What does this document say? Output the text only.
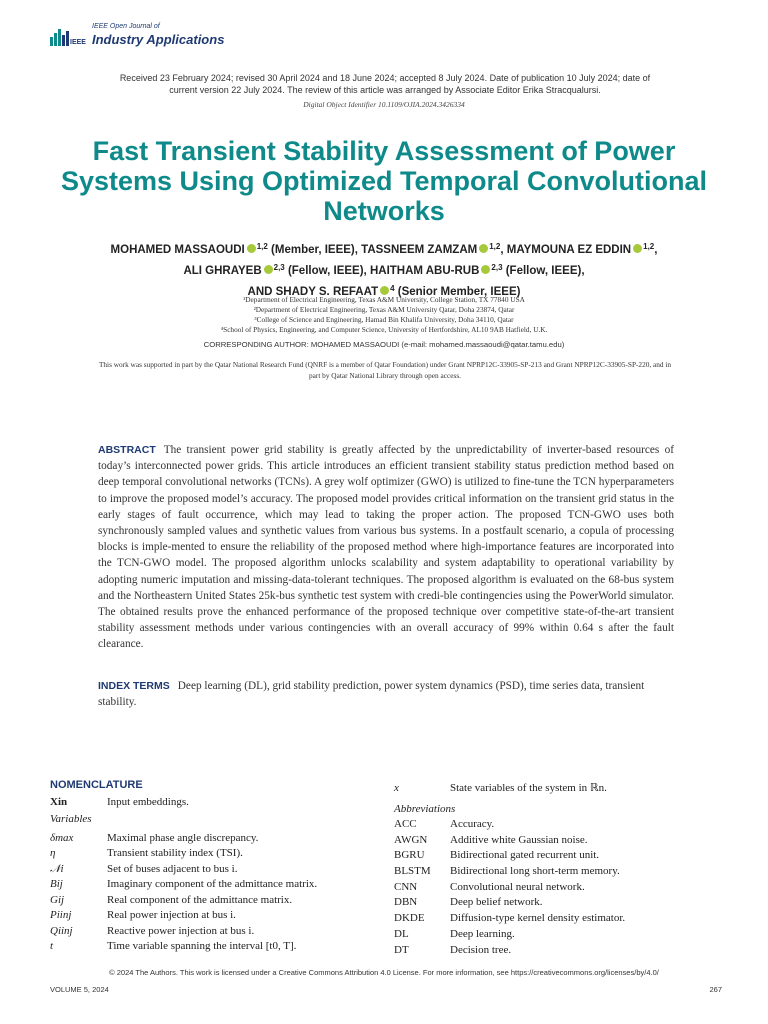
IEEE
IEEE Open Journal of
Industry Applications
Received 23 February 2024; revised 30 April 2024 and 18 June 2024; accepted 8 July 2024. Date of publication 10 July 2024; date of current version 22 July 2024. The review of this article was arranged by Associate Editor Erika Stracqualursi.
Digital Object Identifier 10.1109/OJIA.2024.3426334
Fast Transient Stability Assessment of Power Systems Using Optimized Temporal Convolutional Networks
MOHAMED MASSAOUDI $^{1,2}$ (Member, IEEE), TASSNEEM ZAMZAM $^{1,2}$, MAYMOUNA EZ EDDIN $^{1,2}$,
ALI GHRAYEB $^{2,3}$ (Fellow, IEEE), HAITHAM ABU-RUB $^{2,3}$ (Fellow, IEEE),
AND SHADY S. REFAAT $^4$ (Senior Member, IEEE)
¹Department of Electrical Engineering, Texas A&M University, College Station, TX 77840 USA
²Department of Electrical Engineering, Texas A&M University Qatar, Doha 23874, Qatar
³College of Science and Engineering, Hamad Bin Khalifa University, Doha 34110, Qatar
⁴School of Physics, Engineering, and Computer Science, University of Hertfordshire, AL10 9AB Hatfield, U.K.
CORRESPONDING AUTHOR: MOHAMED MASSAOUDI (e-mail: mohamed.massaoudi@qatar.tamu.edu)
This work was supported in part by the Qatar National Research Fund (QNRF is a member of Qatar Foundation) under Grant NPRP12C-33905-SP-213 and Grant NPRP12C-33905-SP-220, and in part by Qatar National Library through open access.
ABSTRACT The transient power grid stability is greatly affected by the unpredictability of inverter-based resources of today’s interconnected power grids. This article introduces an efficient transient stability status prediction method based on deep temporal convolutional networks (TCNs). A grey wolf optimizer (GWO) is utilized to fine-tune the TCN hyperparameters to improve the proposed model’s accuracy. The proposed model provides critical information on the transient grid status in the early stages of fault occurrence, which may lead to taking the proper action. The proposed TCN-GWO uses both synchronously sampled values and synthetic values from various bus systems. In a postfault scenario, a copula of processing blocks is imple-mented to ensure the reliability of the proposed method where high-importance features are incorporated into the TCN-GWO model. The proposed algorithm unlocks scalability and system adaptability to operational variability by adopting numeric imputation and missing-data-tolerant techniques. The proposed algorithm is evaluated on the 68-bus system and the Northeastern United States 25k-bus synthetic test system with credi-ble contingencies using the PowerWorld simulator. The obtained results prove the enhanced performance of the proposed technique over competitive state-of-the-art transient stability assessment methods under various contingencies with an overall accuracy of 99% within 0.64 s after the fault clearance.
INDEX TERMS Deep learning (DL), grid stability prediction, power system dynamics (PSD), time series data, transient stability.
NOMENCLATURE
Xin	Input embeddings.
Variables
δmax	Maximal phase angle discrepancy.
η	Transient stability index (TSI).
𝒩i	Set of buses adjacent to bus i.
Bij	Imaginary component of the admittance matrix.
Gij	Real component of the admittance matrix.
Piinj	Real power injection at bus i.
Qiinj	Reactive power injection at bus i.
t	Time variable spanning the interval [t0, T].
x	State variables of the system in ℝn.
Abbreviations
ACC	Accuracy.
AWGN	Additive white Gaussian noise.
BGRU	Bidirectional gated recurrent unit.
BLSTM	Bidirectional long short-term memory.
CNN	Convolutional neural network.
DBN	Deep belief network.
DKDE	Diffusion-type kernel density estimator.
DL	Deep learning.
DT	Decision tree.
© 2024 The Authors. This work is licensed under a Creative Commons Attribution 4.0 License. For more information, see https://creativecommons.org/licenses/by/4.0/
VOLUME 5, 2024	267
